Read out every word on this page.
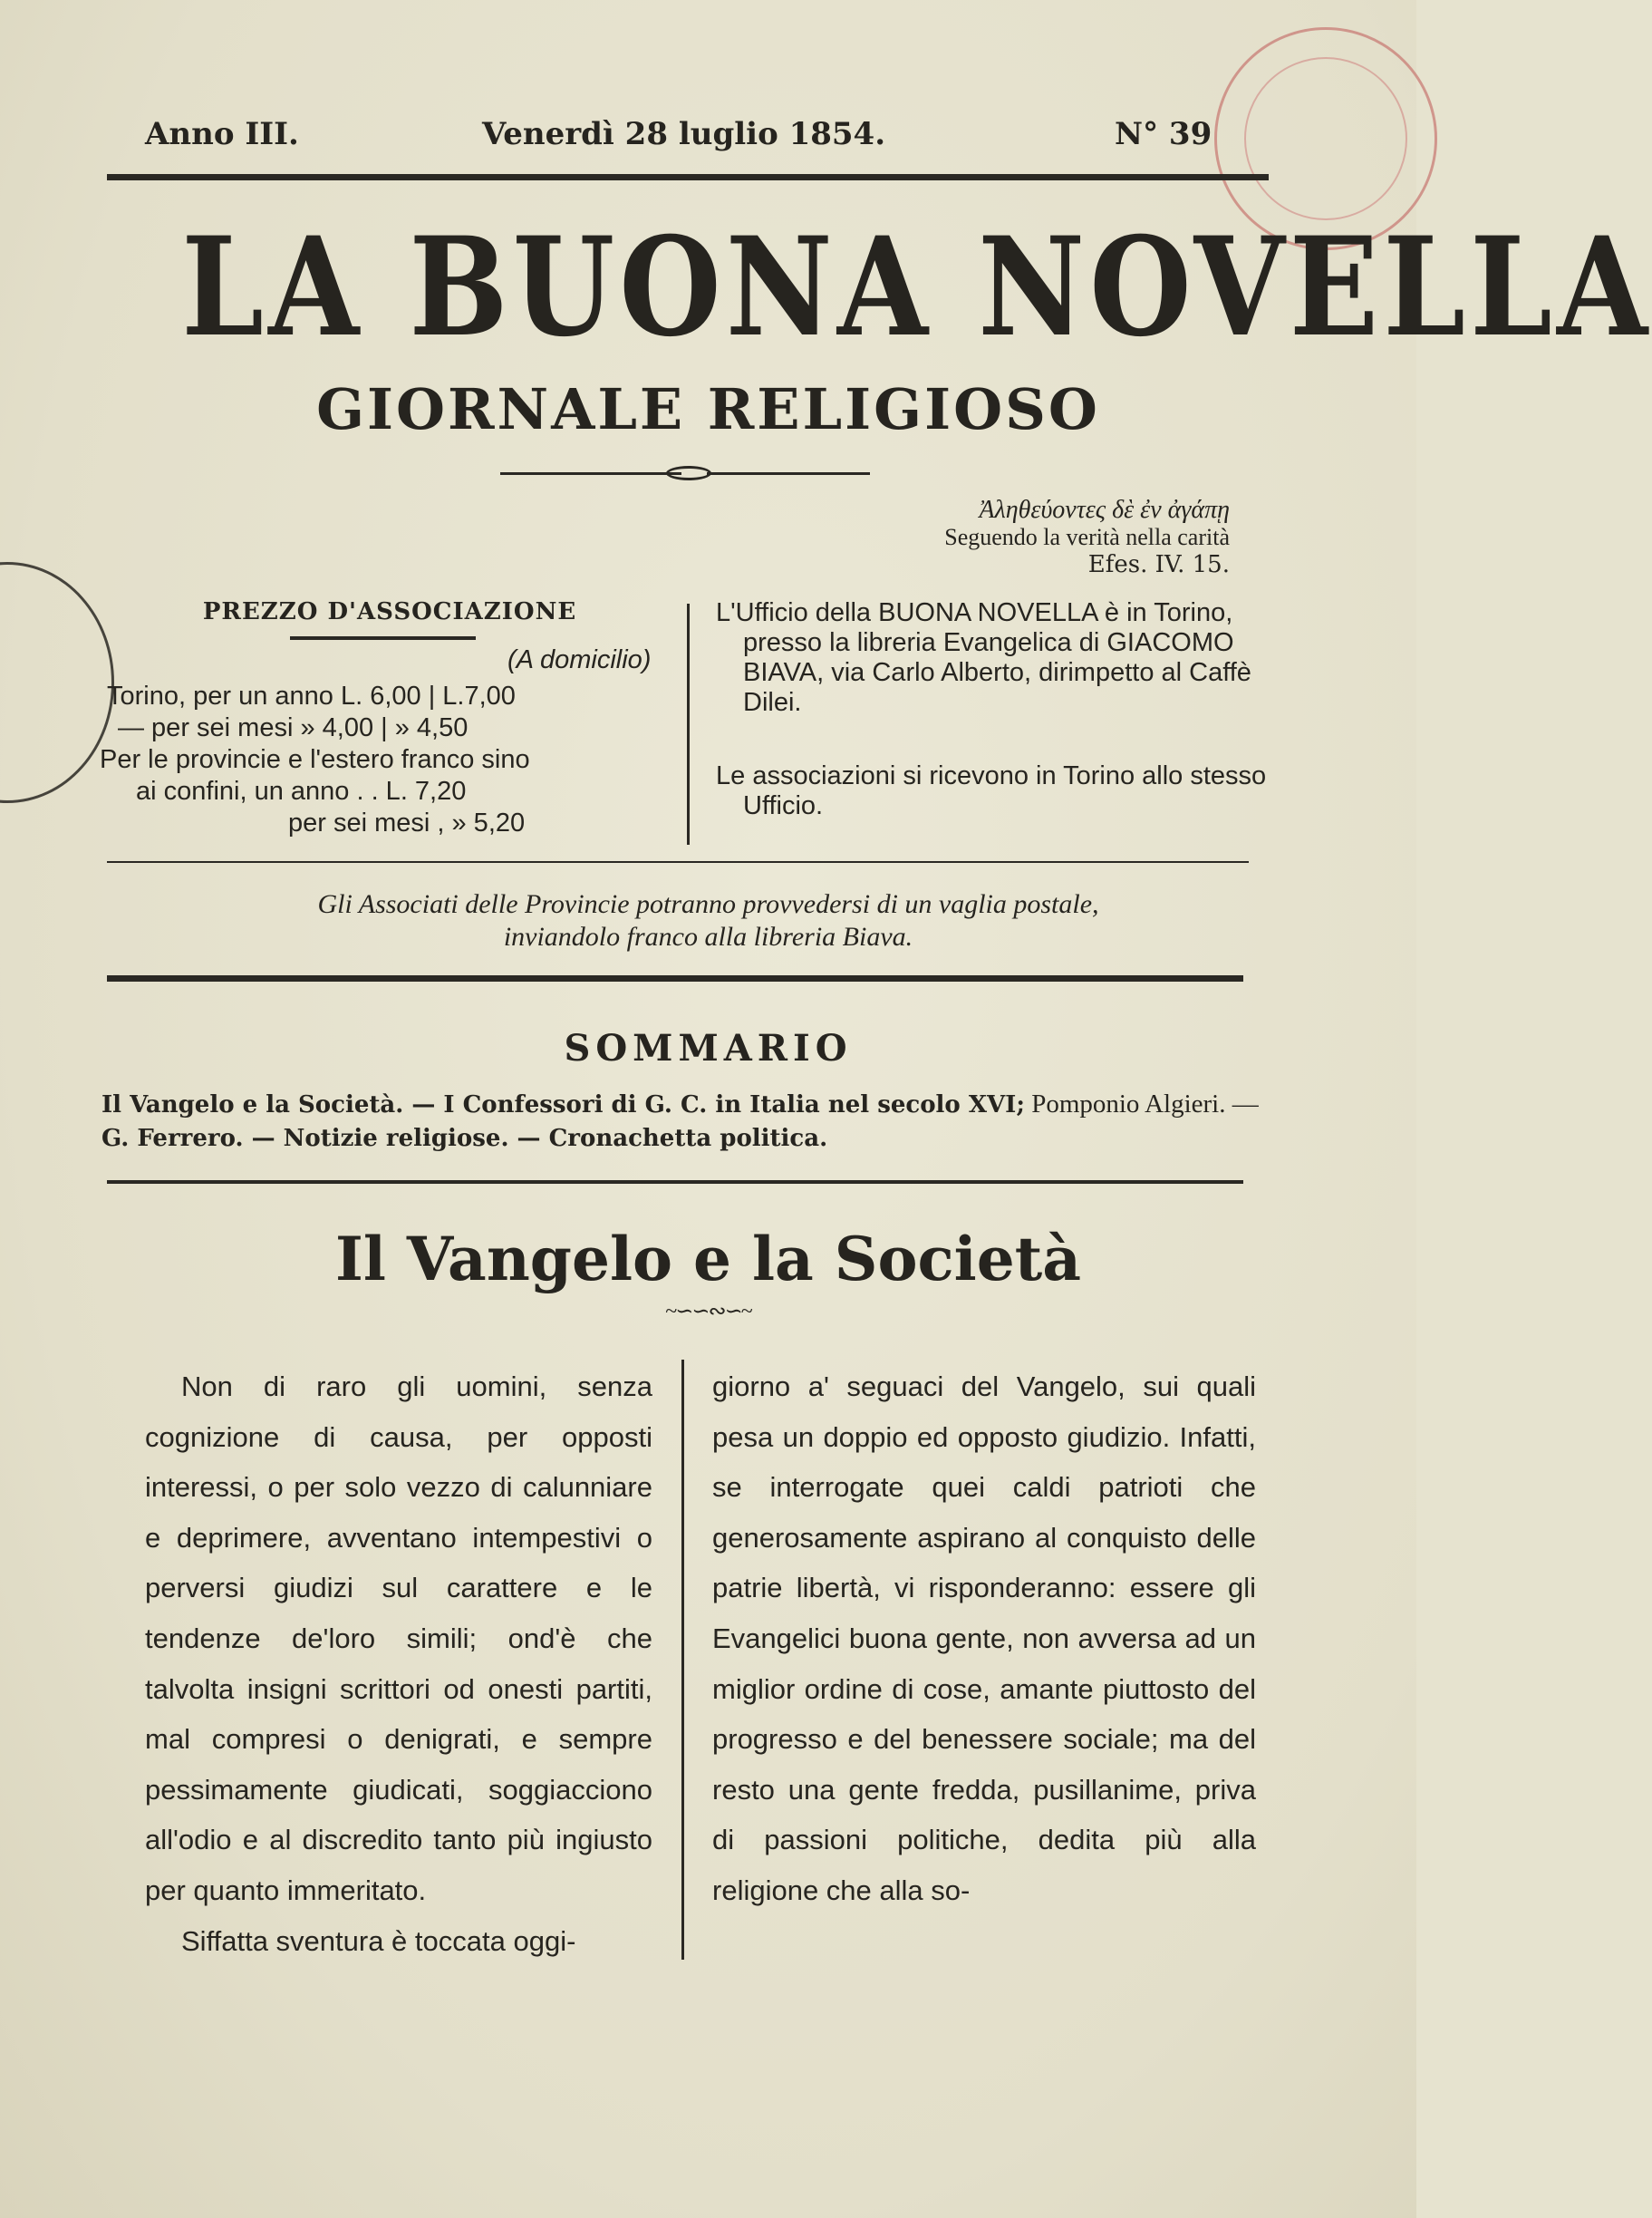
Anno III.	Venerdì 28 luglio 1854.	N° 39
LA BUONA NOVELLA
GIORNALE RELIGIOSO
Ἀληθεύοντες δὲ ἐν ἀγάπῃ
Seguendo la verità nella carità
Efes. IV. 15.
PREZZO D'ASSOCIAZIONE
(A domicilio)
Torino, per un anno L. 6,00 | L.7,00
— per sei mesi » 4,00 | » 4,50
Per le provincie e l'estero franco sino
ai confini, un anno . . L. 7,20
per sei mesi , » 5,20
L'Ufficio della BUONA NOVELLA è in Torino, presso la libreria Evangelica di GIACOMO BIAVA, via Carlo Alberto, dirimpetto al Caffè Dilei.
Le associazioni si ricevono in Torino allo stesso Ufficio.
Gli Associati delle Provincie potranno provvedersi di un vaglia postale,
inviandolo franco alla libreria Biava.
SOMMARIO
Il Vangelo e la Società. — I Confessori di G. C. in Italia nel secolo XVI; Pomponio Algieri. — G. Ferrero. — Notizie religiose. — Cronachetta politica.
Il Vangelo e la Società
~∽∽∾∽~

Non di raro gli uomini, senza cognizione di causa, per opposti interessi, o per solo vezzo di calunniare e deprimere, avventano intempestivi o perversi giudizi sul carattere e le tendenze de'loro simili; ond'è che talvolta insigni scrittori od onesti partiti, mal compresi o denigrati, e sempre pessimamente giudicati, soggiacciono all'odio e al discredito tanto più ingiusto per quanto immeritato.

Siffatta sventura è toccata oggi-

giorno a' seguaci del Vangelo, sui quali pesa un doppio ed opposto giudizio. Infatti, se interrogate quei caldi patrioti che generosamente aspirano al conquisto delle patrie libertà, vi risponderanno: essere gli Evangelici buona gente, non avversa ad un miglior ordine di cose, amante piuttosto del progresso e del benessere sociale; ma del resto una gente fredda, pusillanime, priva di passioni politiche, dedita più alla religione che alla so-
